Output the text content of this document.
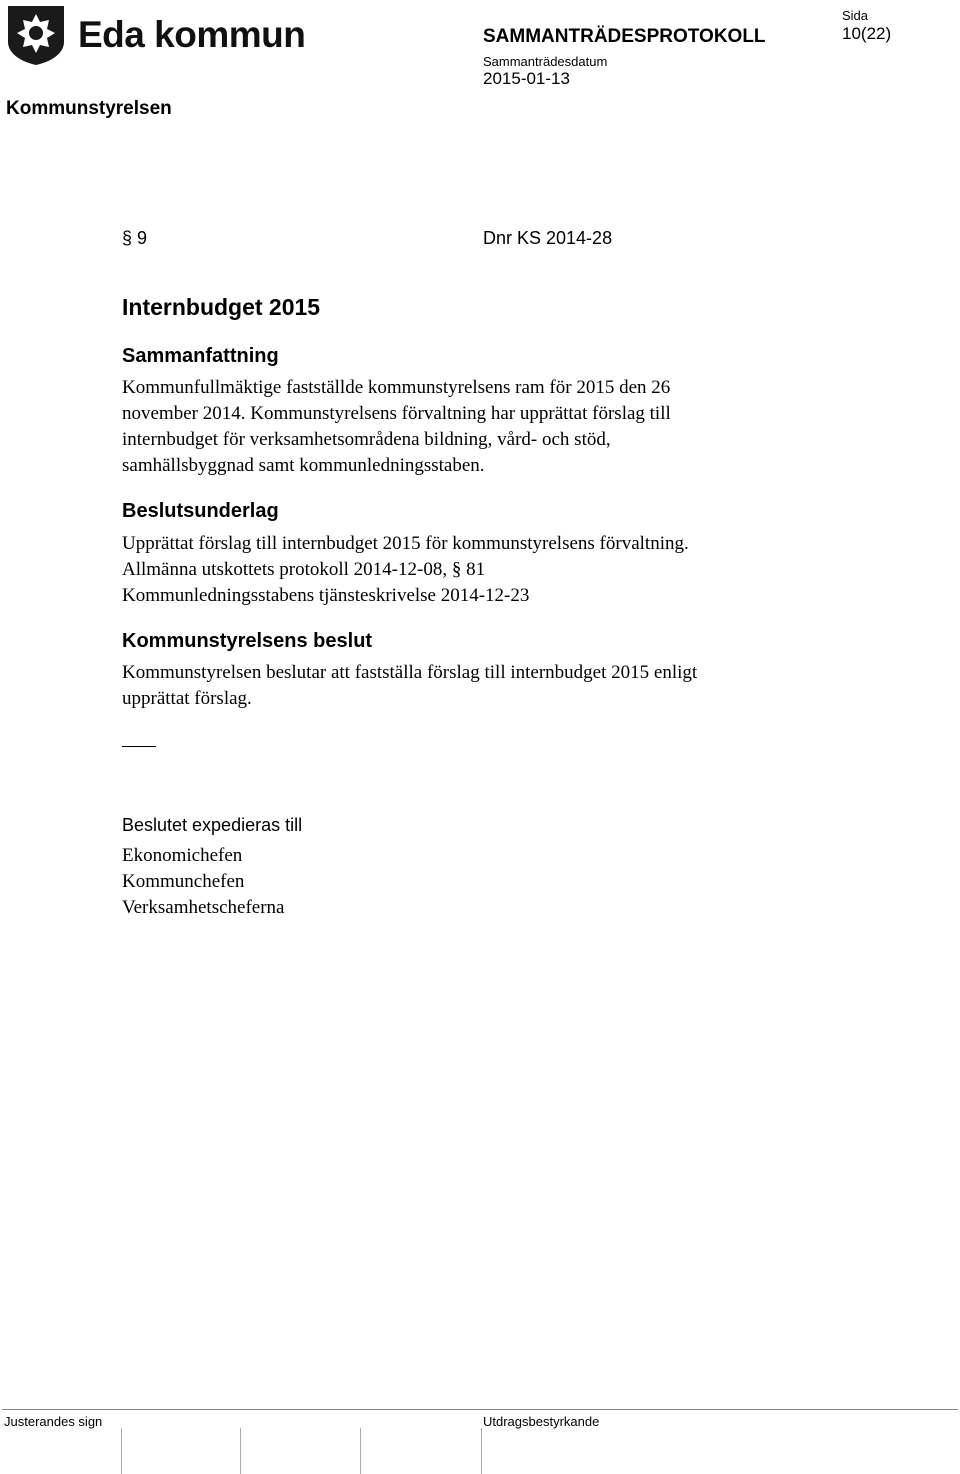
Eda kommun
Kommunstyrelsen
SAMMANTRÄDESPROTOKOLL
Sammanträdesdatum
2015-01-13
Sida
10(22)
§ 9	Dnr KS 2014-28
Internbudget 2015
Sammanfattning
Kommunfullmäktige fastställde kommunstyrelsens ram för 2015 den 26
november 2014. Kommunstyrelsens förvaltning har upprättat förslag till
internbudget för verksamhetsområdena bildning, vård- och stöd,
samhällsbyggnad samt kommunledningsstaben.
Beslutsunderlag
Upprättat förslag till internbudget 2015 för kommunstyrelsens förvaltning.
Allmänna utskottets protokoll 2014-12-08, § 81
Kommunledningsstabens tjänsteskrivelse 2014-12-23
Kommunstyrelsens beslut
Kommunstyrelsen beslutar att fastställa förslag till internbudget 2015 enligt
upprättat förslag.
Beslutet expedieras till
Ekonomichefen
Kommunchefen
Verksamhetscheferna
Justerandes sign	Utdragsbestyrkande
